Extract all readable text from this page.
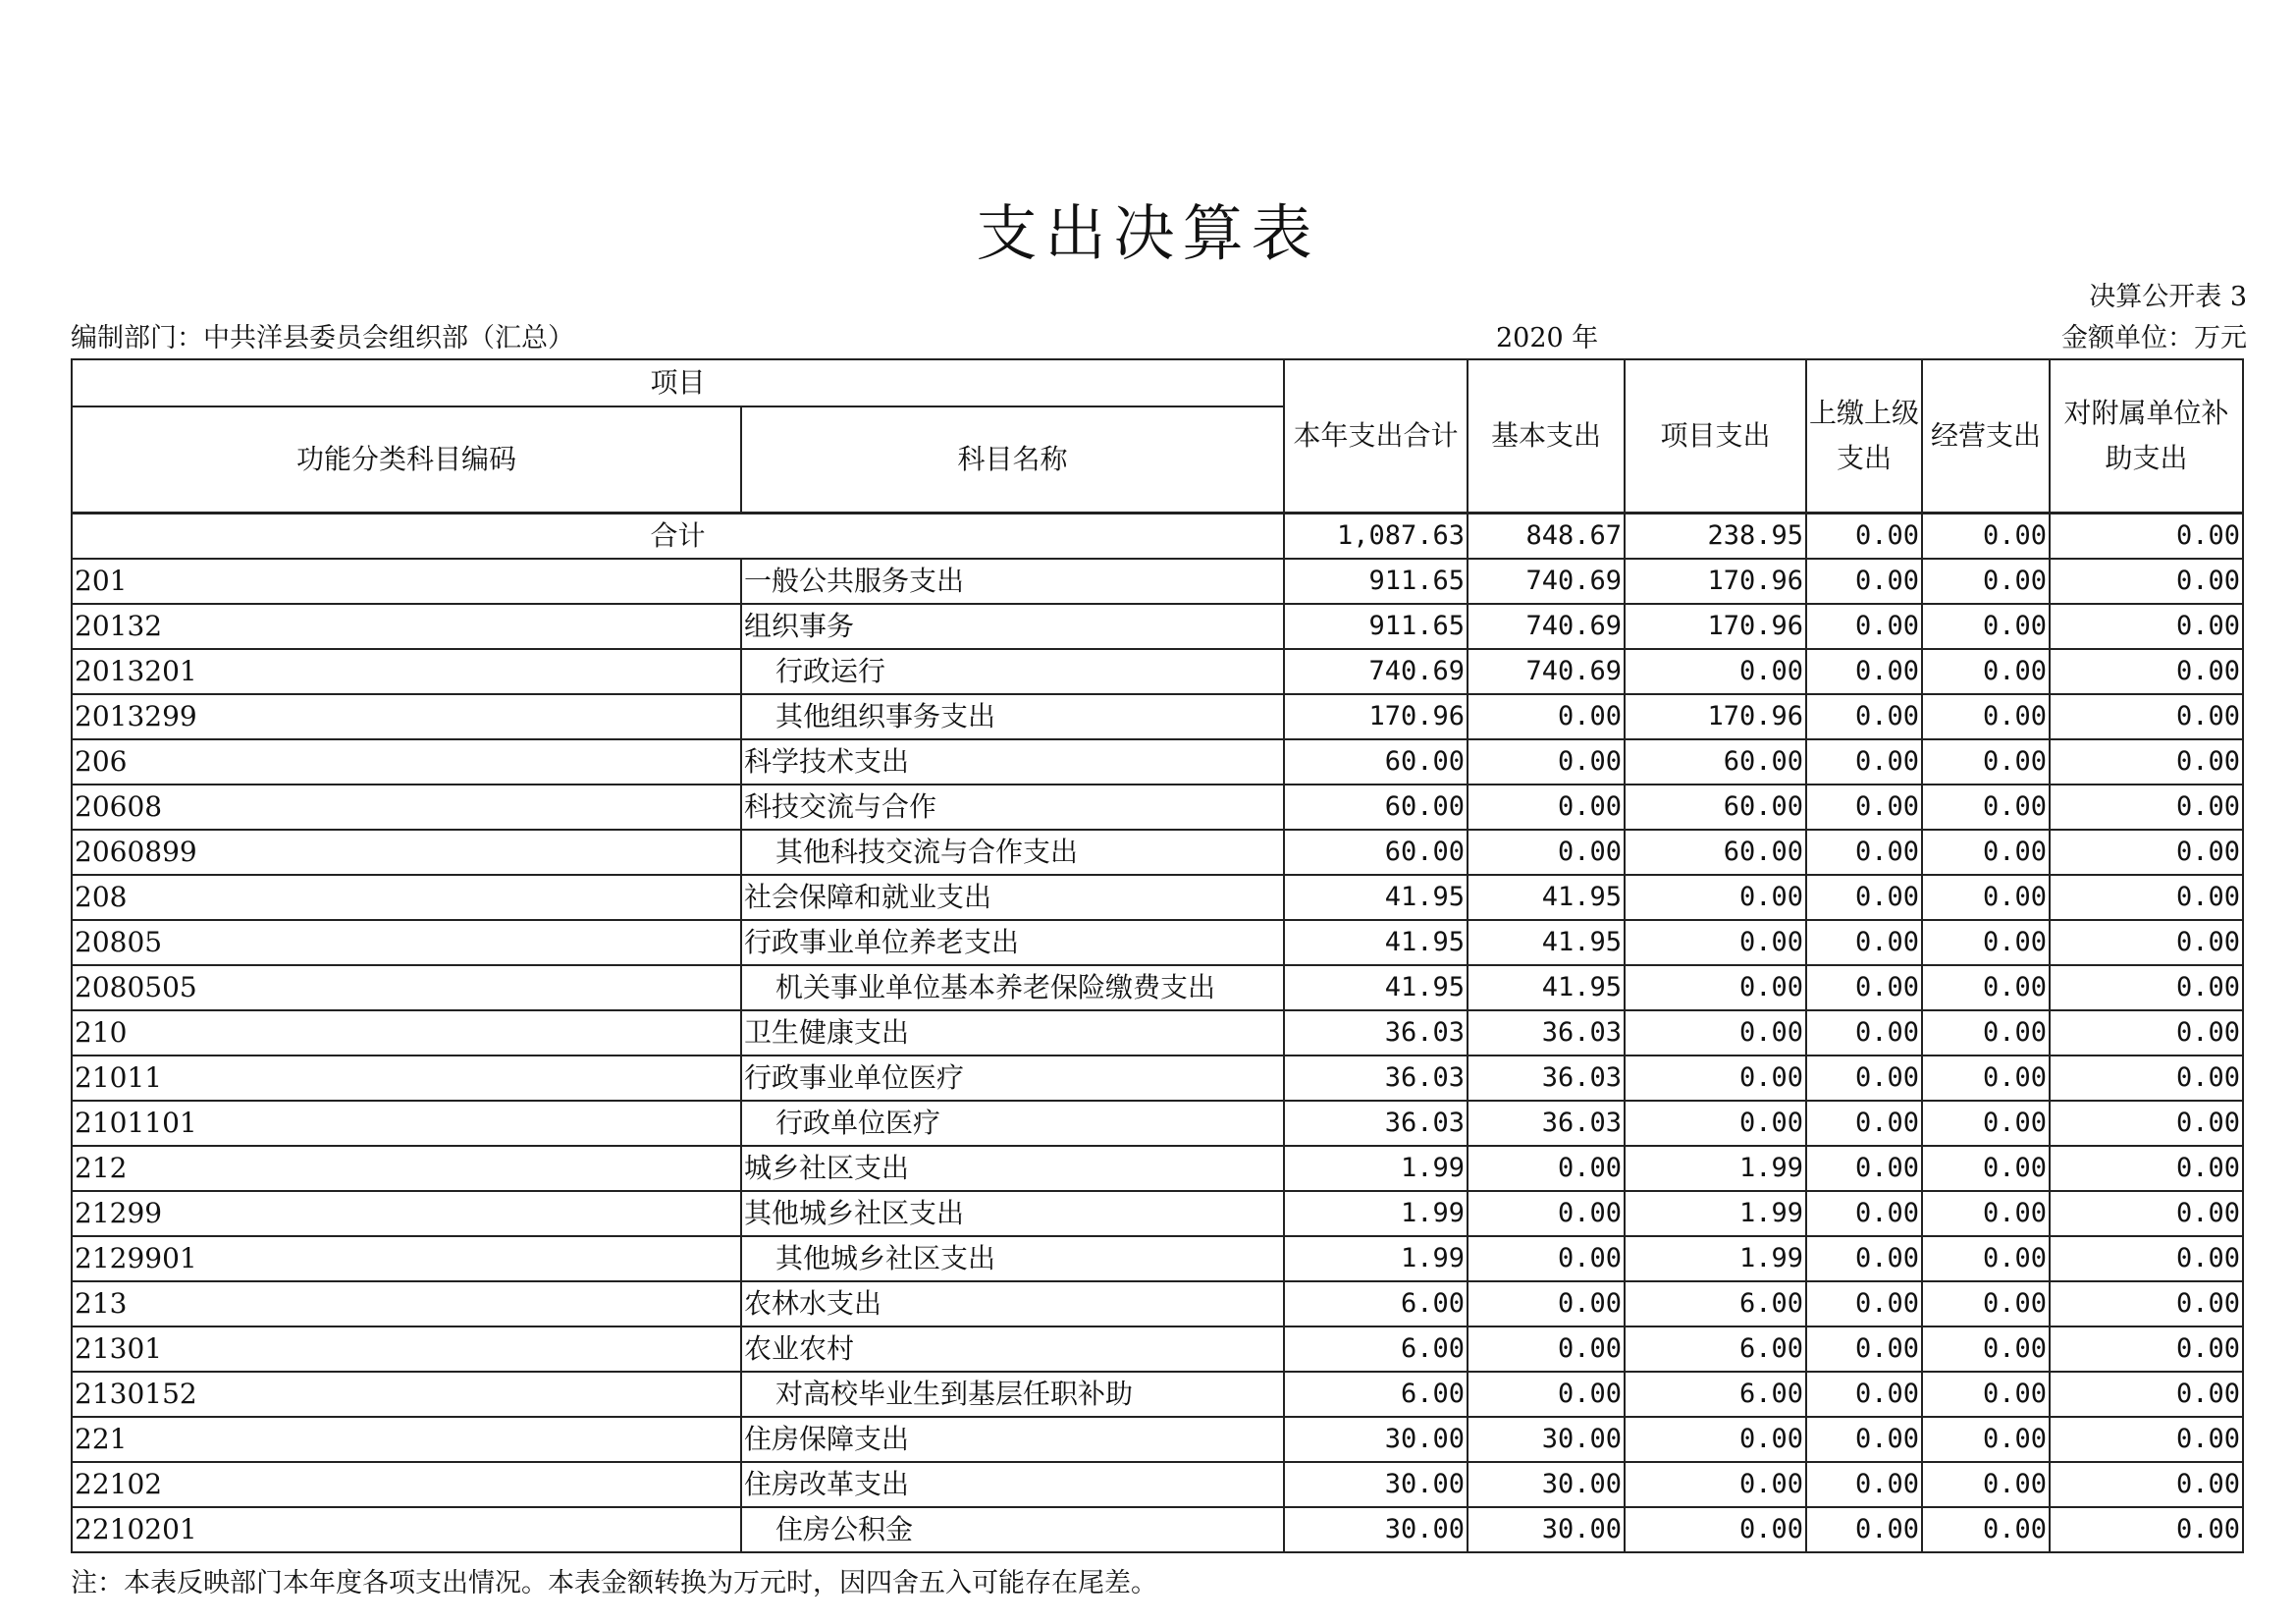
支出决算表
决算公开表 3
编制部门：中共洋县委员会组织部（汇总）	2020 年	金额单位：万元
项目		本年支出合计	基本支出	项目支出	上缴上级支出	经营支出	对附属单位补助支出
功能分类科目编码	科目名称						
合计		1,087.63	848.67	238.95	0.00	0.00	0.00
201	一般公共服务支出	911.65	740.69	170.96	0.00	0.00	0.00
20132	组织事务	911.65	740.69	170.96	0.00	0.00	0.00
2013201	行政运行	740.69	740.69	0.00	0.00	0.00	0.00
2013299	其他组织事务支出	170.96	0.00	170.96	0.00	0.00	0.00
206	科学技术支出	60.00	0.00	60.00	0.00	0.00	0.00
20608	科技交流与合作	60.00	0.00	60.00	0.00	0.00	0.00
2060899	其他科技交流与合作支出	60.00	0.00	60.00	0.00	0.00	0.00
208	社会保障和就业支出	41.95	41.95	0.00	0.00	0.00	0.00
20805	行政事业单位养老支出	41.95	41.95	0.00	0.00	0.00	0.00
2080505	机关事业单位基本养老保险缴费支出	41.95	41.95	0.00	0.00	0.00	0.00
210	卫生健康支出	36.03	36.03	0.00	0.00	0.00	0.00
21011	行政事业单位医疗	36.03	36.03	0.00	0.00	0.00	0.00
2101101	行政单位医疗	36.03	36.03	0.00	0.00	0.00	0.00
212	城乡社区支出	1.99	0.00	1.99	0.00	0.00	0.00
21299	其他城乡社区支出	1.99	0.00	1.99	0.00	0.00	0.00
2129901	其他城乡社区支出	1.99	0.00	1.99	0.00	0.00	0.00
213	农林水支出	6.00	0.00	6.00	0.00	0.00	0.00
21301	农业农村	6.00	0.00	6.00	0.00	0.00	0.00
2130152	对高校毕业生到基层任职补助	6.00	0.00	6.00	0.00	0.00	0.00
221	住房保障支出	30.00	30.00	0.00	0.00	0.00	0.00
22102	住房改革支出	30.00	30.00	0.00	0.00	0.00	0.00
2210201	住房公积金	30.00	30.00	0.00	0.00	0.00	0.00
注：本表反映部门本年度各项支出情况。本表金额转换为万元时，因四舍五入可能存在尾差。
